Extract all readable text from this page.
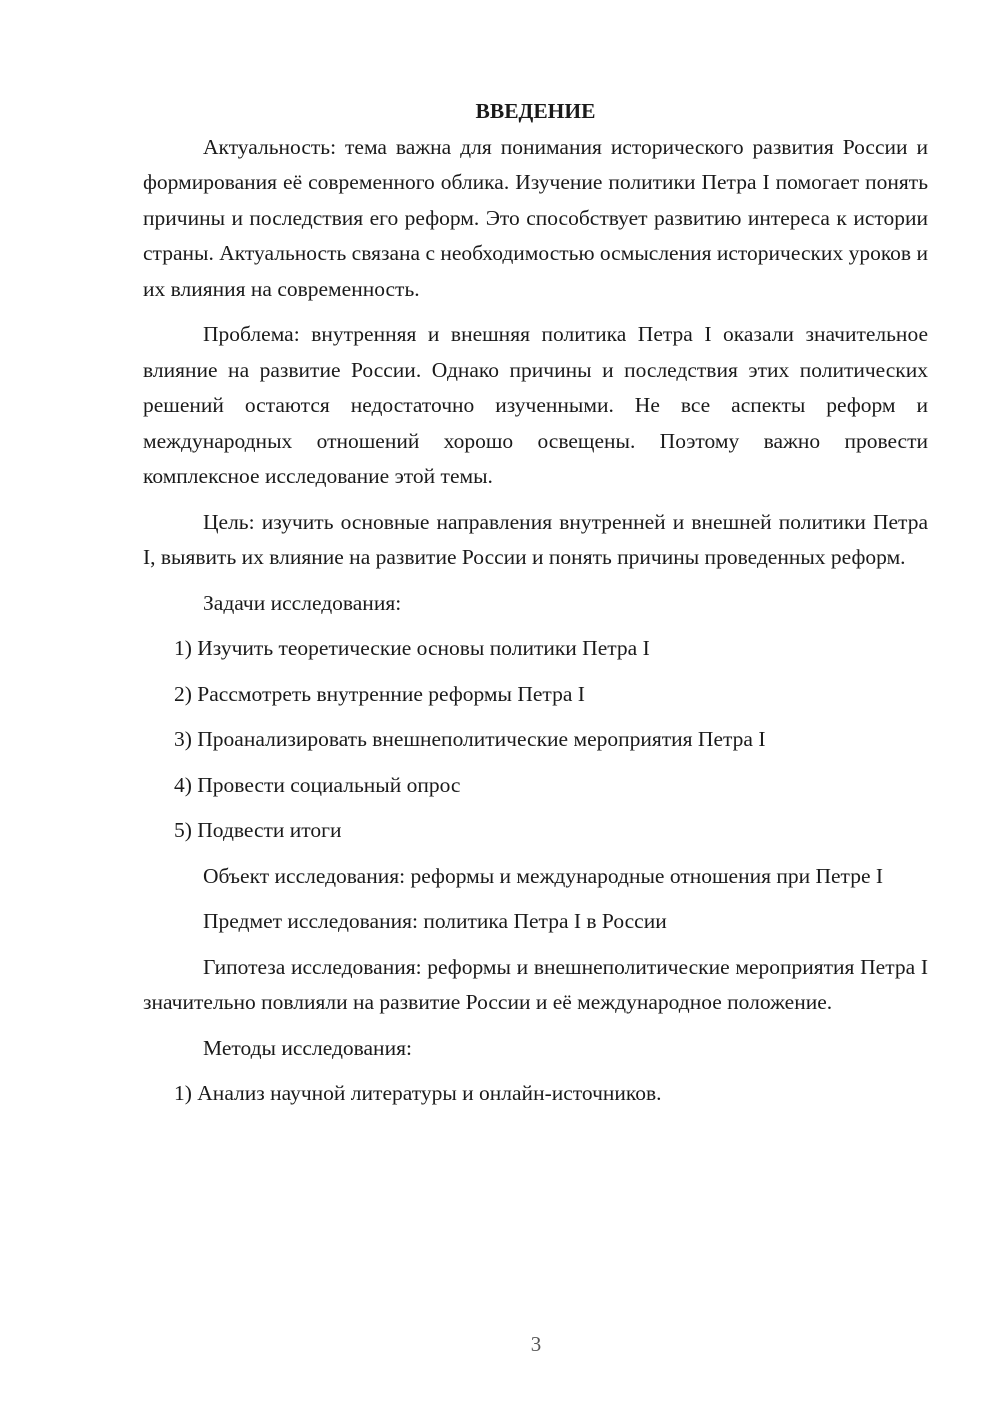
ВВЕДЕНИЕ

Актуальность: тема важна для понимания исторического развития России и формирования её современного облика. Изучение политики Петра I помогает понять причины и последствия его реформ. Это способствует развитию интереса к истории страны. Актуальность связана с необходимостью осмысления исторических уроков и их влияния на современность.

Проблема: внутренняя и внешняя политика Петра I оказали значительное влияние на развитие России. Однако причины и последствия этих политических решений остаются недостаточно изученными. Не все аспекты реформ и международных отношений хорошо освещены. Поэтому важно провести комплексное исследование этой темы.

Цель: изучить основные направления внутренней и внешней политики Петра I, выявить их влияние на развитие России и понять причины проведенных реформ.

Задачи исследования:

1) Изучить теоретические основы политики Петра I
2) Рассмотреть внутренние реформы Петра I
3) Проанализировать внешнеполитические мероприятия Петра I
4) Провести социальный опрос
5) Подвести итоги

Объект исследования: реформы и международные отношения при Петре I

Предмет исследования: политика Петра I в России

Гипотеза исследования: реформы и внешнеполитические мероприятия Петра I значительно повлияли на развитие России и её международное положение.

Методы исследования:

1) Анализ научной литературы и онлайн-источников.
3
